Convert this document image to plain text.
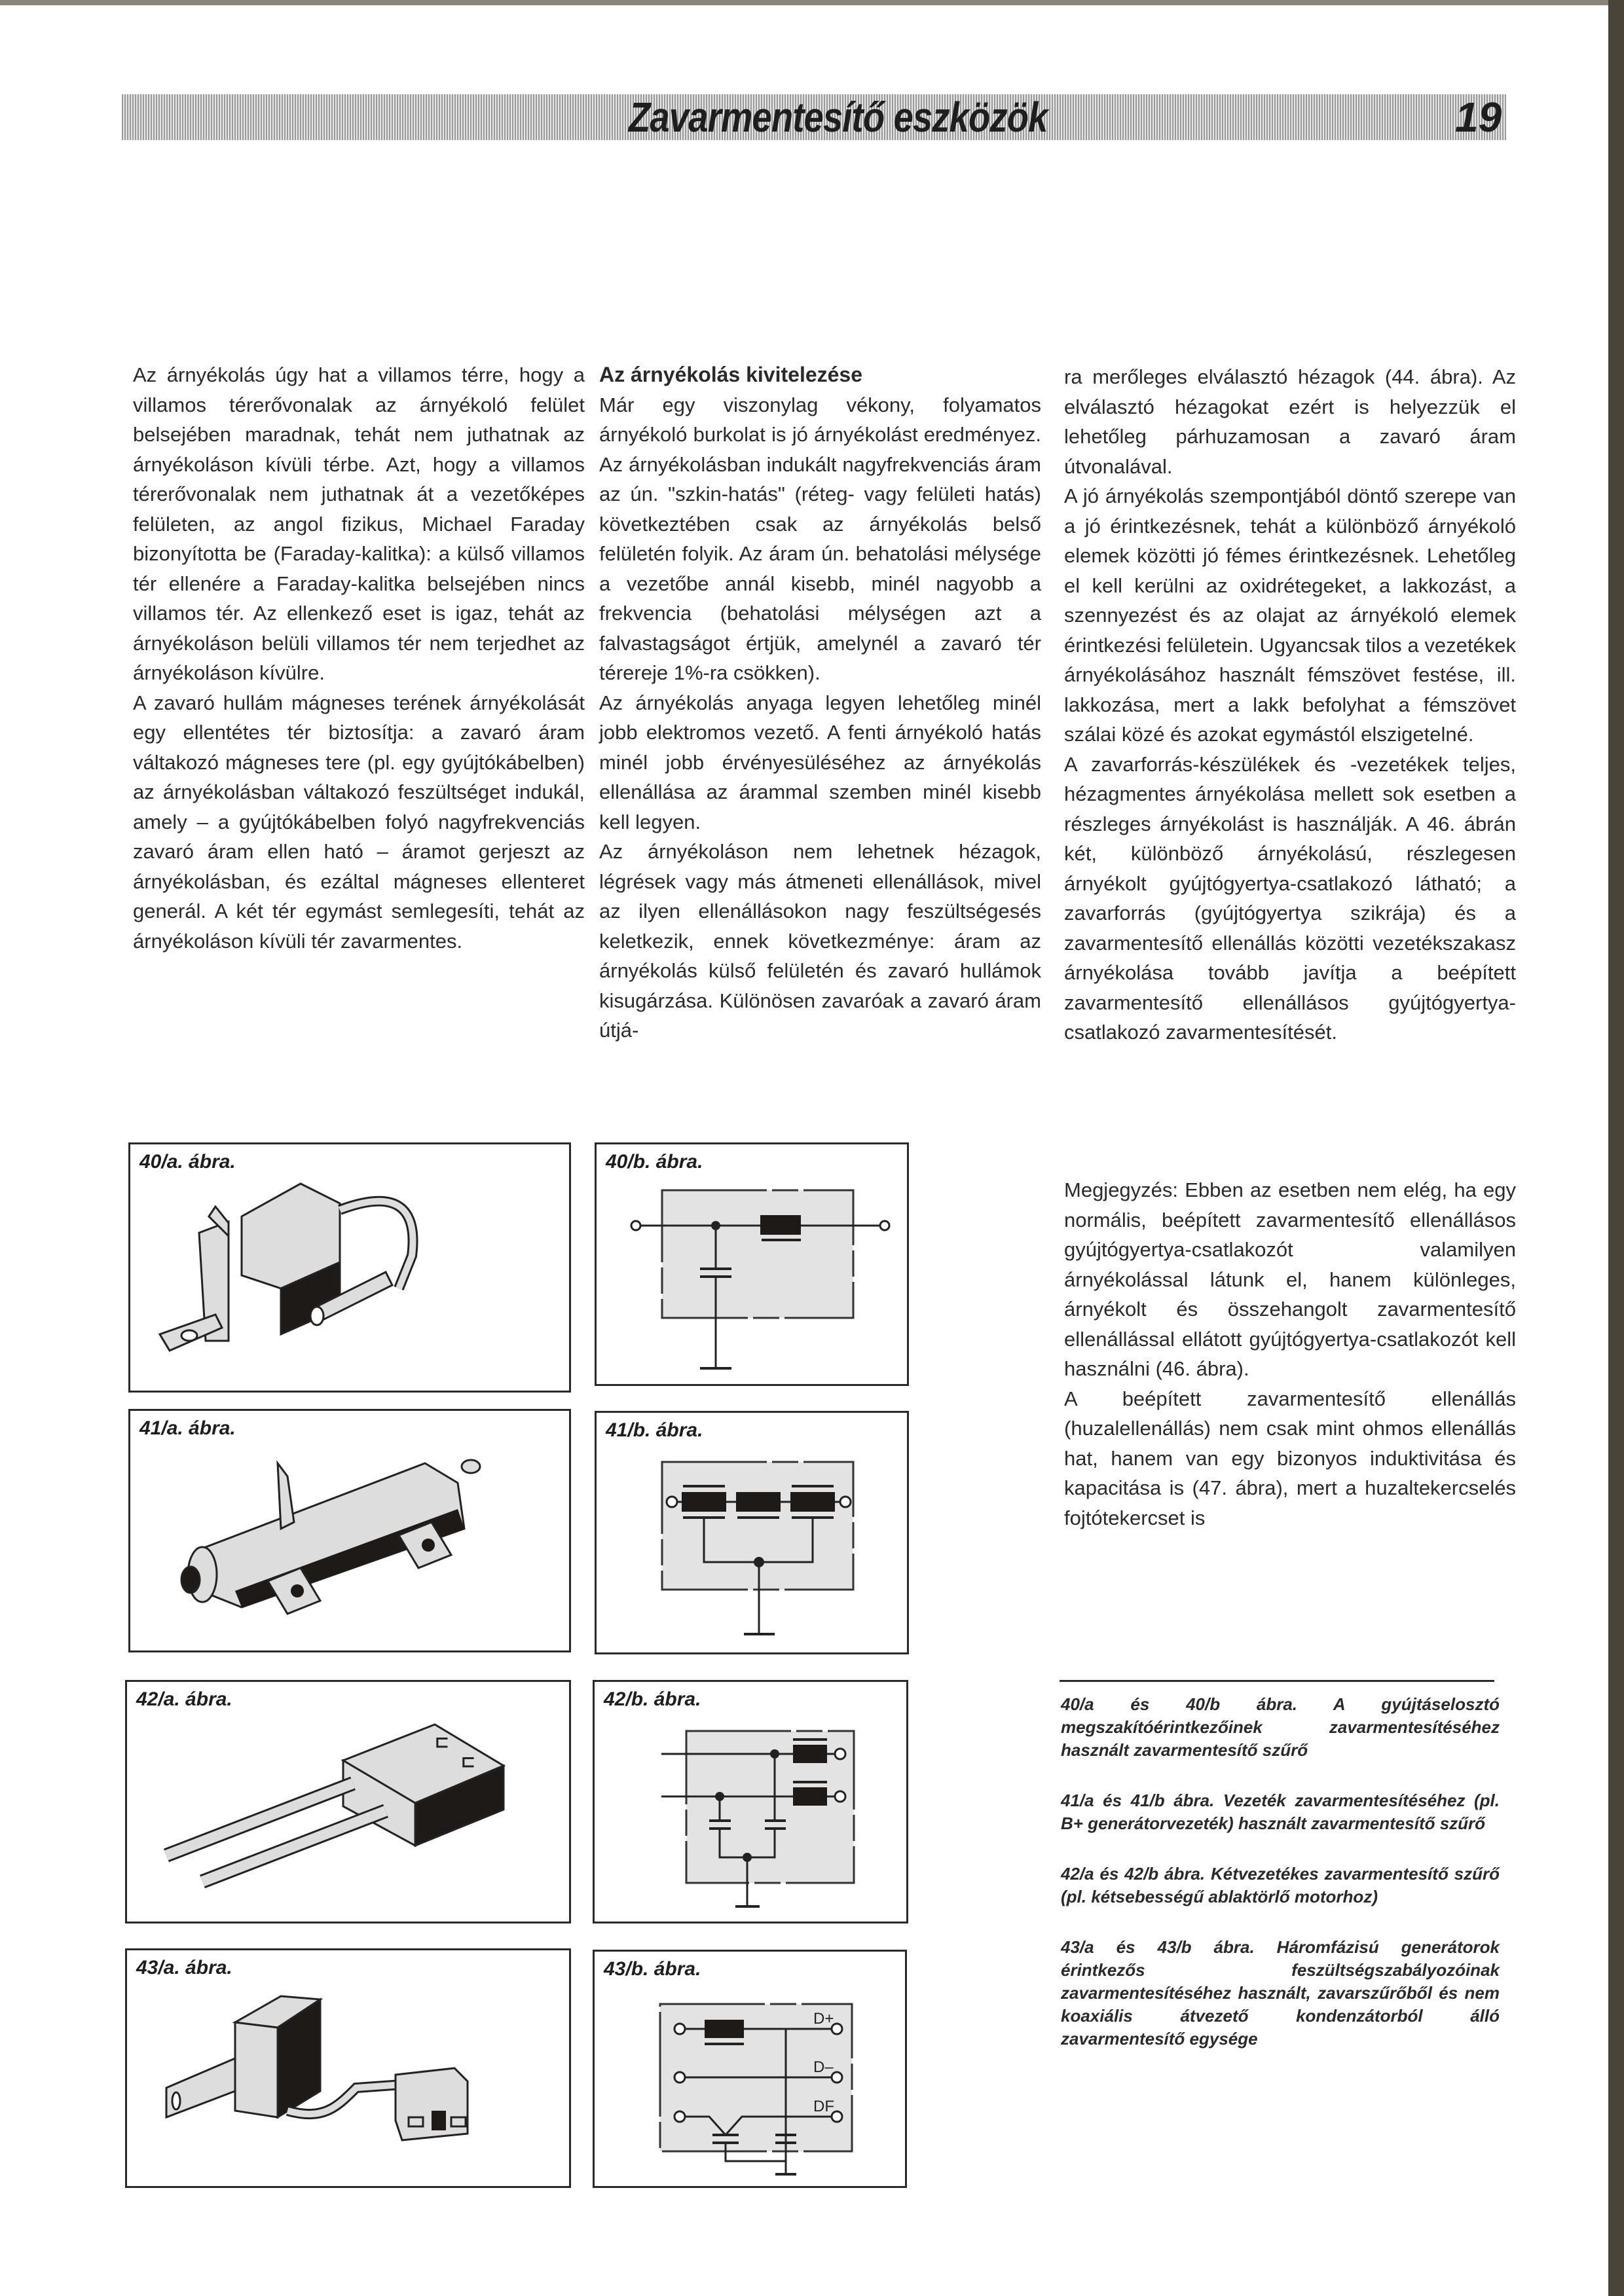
Zavarmentesítő eszközök	19

Az árnyékolás úgy hat a villamos térre, hogy a villamos térerővonalak az árnyékoló felület belsejében maradnak, tehát nem juthatnak az árnyékoláson kívüli térbe. Azt, hogy a villamos térerővonalak nem juthatnak át a vezetőképes felületen, az angol fizikus, Michael Faraday bizonyította be (Faraday-kalitka): a külső villamos tér ellenére a Faraday-kalitka belsejében nincs villamos tér. Az ellenkező eset is igaz, tehát az árnyékoláson belüli villamos tér nem terjedhet az árnyékoláson kívülre.

A zavaró hullám mágneses terének árnyékolását egy ellentétes tér biztosítja: a zavaró áram váltakozó mágneses tere (pl. egy gyújtókábelben) az árnyékolásban váltakozó feszültséget indukál, amely – a gyújtókábelben folyó nagyfrekvenciás zavaró áram ellen ható – áramot gerjeszt az árnyékolásban, és ezáltal mágneses ellenteret generál. A két tér egymást semlegesíti, tehát az árnyékoláson kívüli tér zavarmentes.

Az árnyékolás kivitelezése

Már egy viszonylag vékony, folyamatos árnyékoló burkolat is jó árnyékolást eredményez. Az árnyékolásban indukált nagyfrekvenciás áram az ún. "szkin-hatás" (réteg- vagy felületi hatás) következtében csak az árnyékolás belső felületén folyik. Az áram ún. behatolási mélysége a vezetőbe annál kisebb, minél nagyobb a frekvencia (behatolási mélységen azt a falvastagságot értjük, amelynél a zavaró tér térereje 1%-ra csökken).

Az árnyékolás anyaga legyen lehetőleg minél jobb elektromos vezető. A fenti árnyékoló hatás minél jobb érvényesüléséhez az árnyékolás ellenállása az árammal szemben minél kisebb kell legyen.

Az árnyékoláson nem lehetnek hézagok, légrések vagy más átmeneti ellenállások, mivel az ilyen ellenállásokon nagy feszültségesés keletkezik, ennek következménye: áram az árnyékolás külső felületén és zavaró hullámok kisugárzása. Különösen zavaróak a zavaró áram útjá-

ra merőleges elválasztó hézagok (44. ábra). Az elválasztó hézagokat ezért is helyezzük el lehetőleg párhuzamosan a zavaró áram útvonalával.

A jó árnyékolás szempontjából döntő szerepe van a jó érintkezésnek, tehát a különböző árnyékoló elemek közötti jó fémes érintkezésnek. Lehetőleg el kell kerülni az oxidrétegeket, a lakkozást, a szennyezést és az olajat az árnyékoló elemek érintkezési felületein. Ugyancsak tilos a vezetékek árnyékolásához használt fémszövet festése, ill. lakkozása, mert a lakk befolyhat a fémszövet szálai közé és azokat egymástól elszigetelné.

A zavarforrás-készülékek és -vezetékek teljes, hézagmentes árnyékolása mellett sok esetben a részleges árnyékolást is használják. A 46. ábrán két, különböző árnyékolású, részlegesen árnyékolt gyújtógyertya-csatlakozó látható; a zavarforrás (gyújtógyertya szikrája) és a zavarmentesítő ellenállás közötti vezetékszakasz árnyékolása tovább javítja a beépített zavarmentesítő ellenállásos gyújtógyertya-csatlakozó zavarmentesítését.

Megjegyzés: Ebben az esetben nem elég, ha egy normális, beépített zavarmentesítő ellenállásos gyújtógyertya-csatlakozót valamilyen árnyékolással látunk el, hanem különleges, árnyékolt és összehangolt zavarmentesítő ellenállással ellátott gyújtógyertya-csatlakozót kell használni (46. ábra).

A beépített zavarmentesítő ellenállás (huzalellenállás) nem csak mint ohmos ellenállás hat, hanem van egy bizonyos induktivitása és kapacitása is (47. ábra), mert a huzaltekercselés fojtótekercset is

40/a. ábra.	40/b. ábra.
41/a. ábra.	41/b. ábra.
42/a. ábra.
⊏
⊏
42/b. ábra.
43/a. ábra.	43/b. ábra.
D+
D–
DF

40/a és 40/b ábra. A gyújtáselosztó megszakítóérintkezőinek zavarmentesítéséhez használt zavarmentesítő szűrő

41/a és 41/b ábra. Vezeték zavarmentesítéséhez (pl. B+ generátorvezeték) használt zavarmentesítő szűrő

42/a és 42/b ábra. Kétvezetékes zavarmentesítő szűrő (pl. kétsebességű ablaktörlő motorhoz)

43/a és 43/b ábra. Háromfázisú generátorok érintkezős feszültségszabályozóinak zavarmentesítéséhez használt, zavarszűrőből és nem koaxiális átvezető kondenzátorból álló zavarmentesítő egysége
